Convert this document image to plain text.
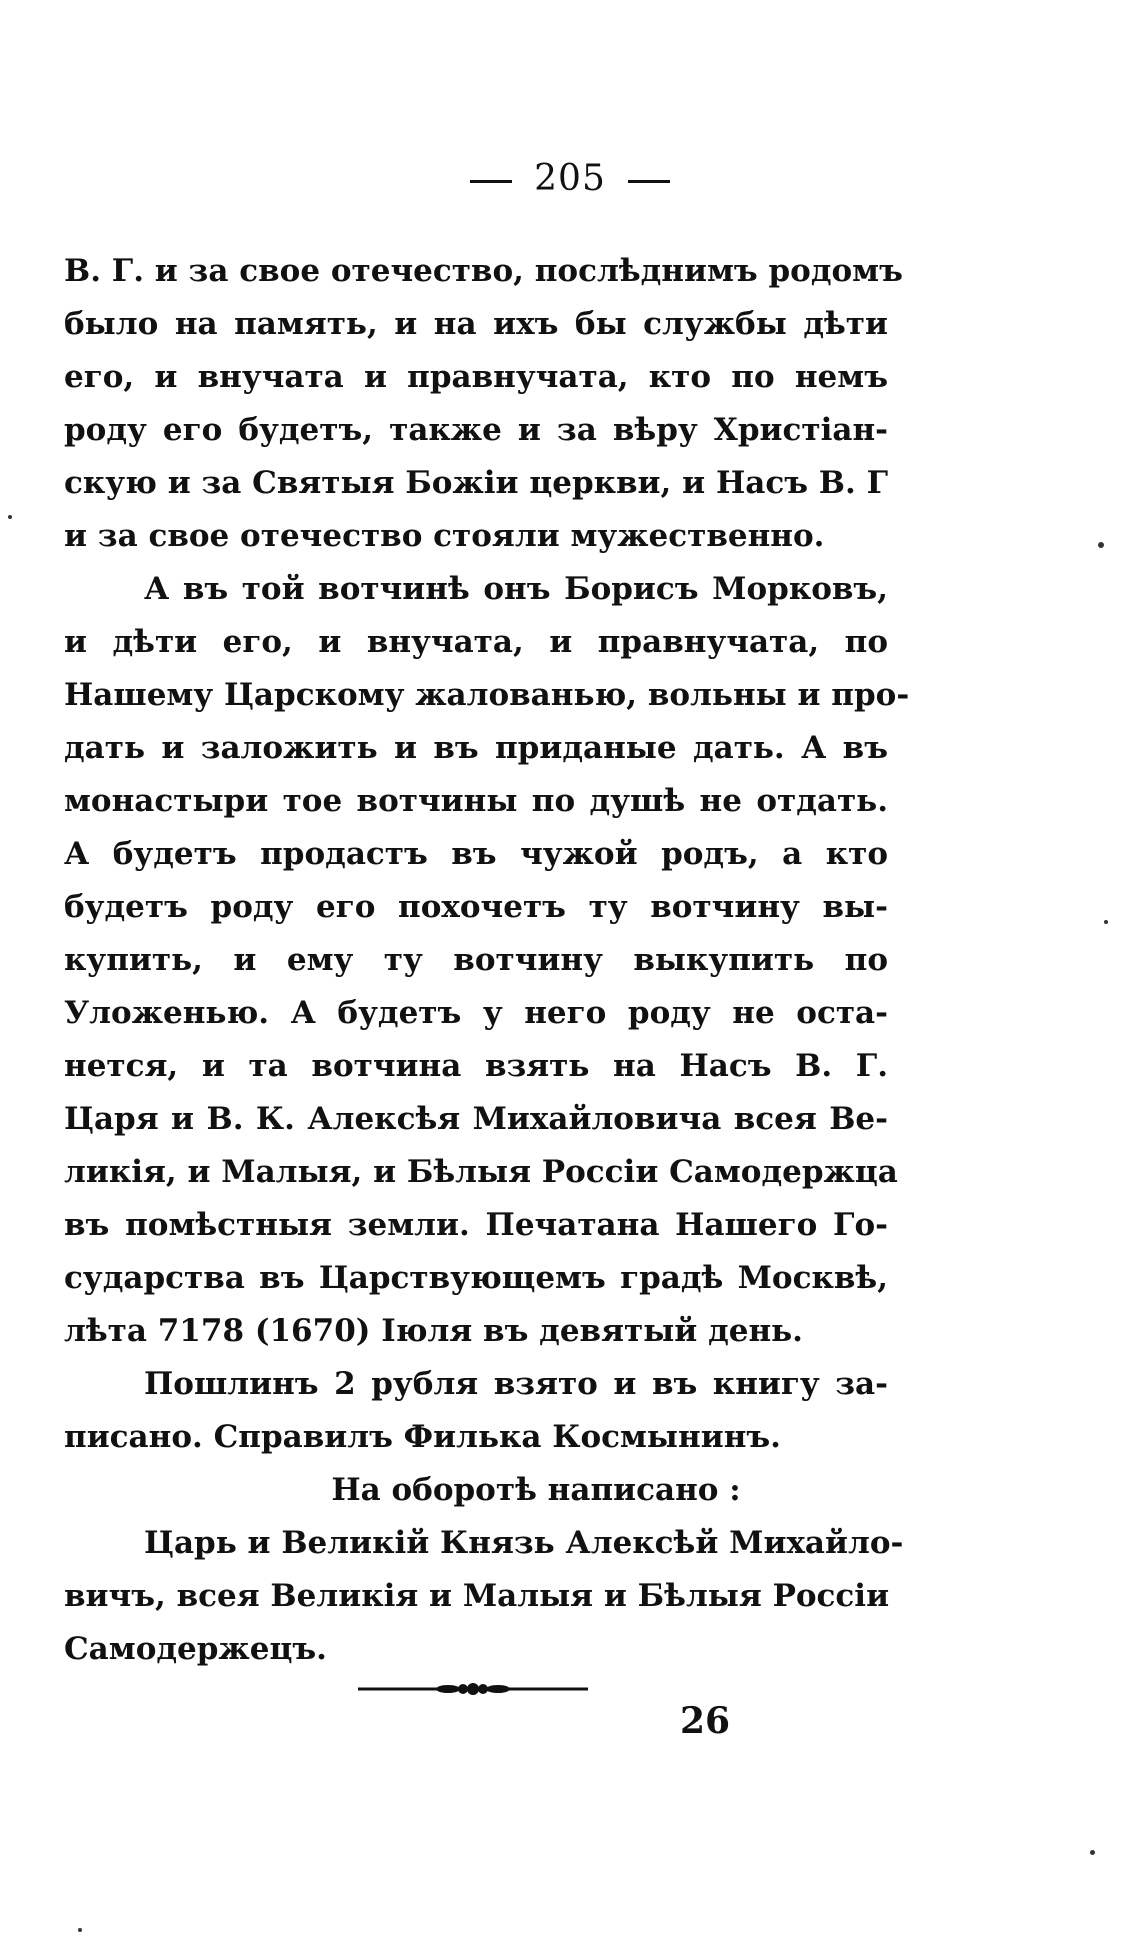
205
В. Г. и за свое отечество, послѣднимъ родомъ
было на память, и на ихъ бы службы дѣти
его, и внучата и правнучата, кто по немъ
роду его будетъ, также и за вѣру Христіан-
скую и за Святыя Божіи церкви, и Насъ В. Г
и за свое отечество стояли мужественно.
А въ той вотчинѣ онъ Борисъ Морковъ,
и дѣти его, и внучата, и правнучата, по
Нашему Царскому жалованью, вольны и про-
дать и заложить и въ приданые дать. А въ
монастыри тое вотчины по душѣ не отдать.
А будетъ продастъ въ чужой родъ, а кто
будетъ роду его похочетъ ту вотчину вы-
купить, и ему ту вотчину выкупить по
Уложенью. А будетъ у него роду не оста-
нется, и та вотчина взять на Насъ В. Г.
Царя и В. К. Алексѣя Михайловича всея Ве-
ликія, и Малыя, и Бѣлыя Россіи Самодержца
въ помѣстныя земли. Печатана Нашего Го-
сударства въ Царствующемъ градѣ Москвѣ,
лѣта 7178 (1670) Іюля въ девятый день.
Пошлинъ 2 рубля взято и въ книгу за-
писано. Справилъ Филька Космынинъ.
На оборотѣ написано :
Царь и Великій Князь Алексѣй Михайло-
вичъ, всея Великія и Малыя и Бѣлыя Россіи
Самодержецъ.
26
